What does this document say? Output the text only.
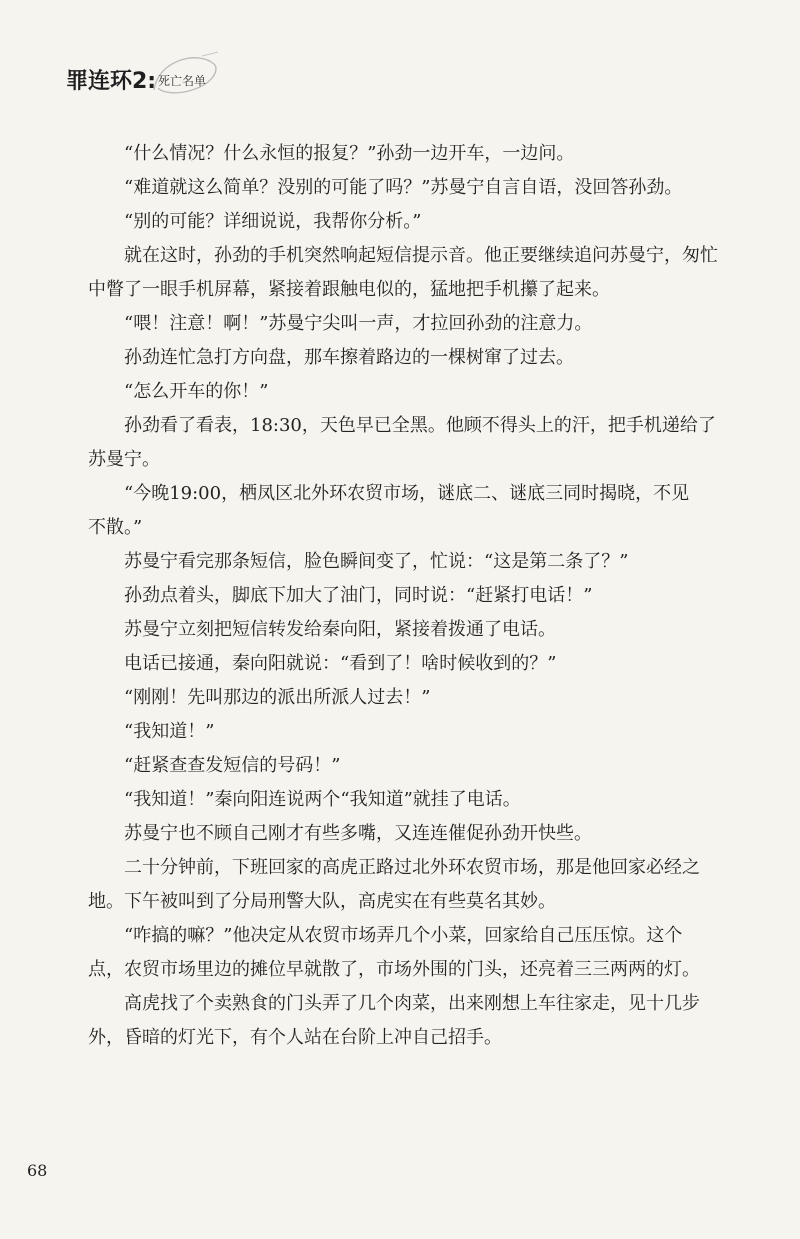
罪连环2: 死亡名单

“什么情况？什么永恒的报复？”孙劲一边开车，一边问。

“难道就这么简单？没别的可能了吗？”苏曼宁自言自语，没回答孙劲。

“别的可能？详细说说，我帮你分析。”

就在这时，孙劲的手机突然响起短信提示音。他正要继续追问苏曼宁，匆忙
中瞥了一眼手机屏幕，紧接着跟触电似的，猛地把手机攥了起来。

“喂！注意！啊！”苏曼宁尖叫一声，才拉回孙劲的注意力。

孙劲连忙急打方向盘，那车擦着路边的一棵树窜了过去。

“怎么开车的你！”

孙劲看了看表，18:30，天色早已全黑。他顾不得头上的汗，把手机递给了
苏曼宁。

“今晚19:00，栖凤区北外环农贸市场，谜底二、谜底三同时揭晓，不见
不散。”

苏曼宁看完那条短信，脸色瞬间变了，忙说：“这是第二条了？”

孙劲点着头，脚底下加大了油门，同时说：“赶紧打电话！”

苏曼宁立刻把短信转发给秦向阳，紧接着拨通了电话。

电话已接通，秦向阳就说：“看到了！啥时候收到的？”

“刚刚！先叫那边的派出所派人过去！”

“我知道！”

“赶紧查查发短信的号码！”

“我知道！”秦向阳连说两个“我知道”就挂了电话。

苏曼宁也不顾自己刚才有些多嘴，又连连催促孙劲开快些。

二十分钟前，下班回家的高虎正路过北外环农贸市场，那是他回家必经之
地。下午被叫到了分局刑警大队，高虎实在有些莫名其妙。

“咋搞的嘛？”他决定从农贸市场弄几个小菜，回家给自己压压惊。这个
点，农贸市场里边的摊位早就散了，市场外围的门头，还亮着三三两两的灯。

高虎找了个卖熟食的门头弄了几个肉菜，出来刚想上车往家走，见十几步
外，昏暗的灯光下，有个人站在台阶上冲自己招手。

68
